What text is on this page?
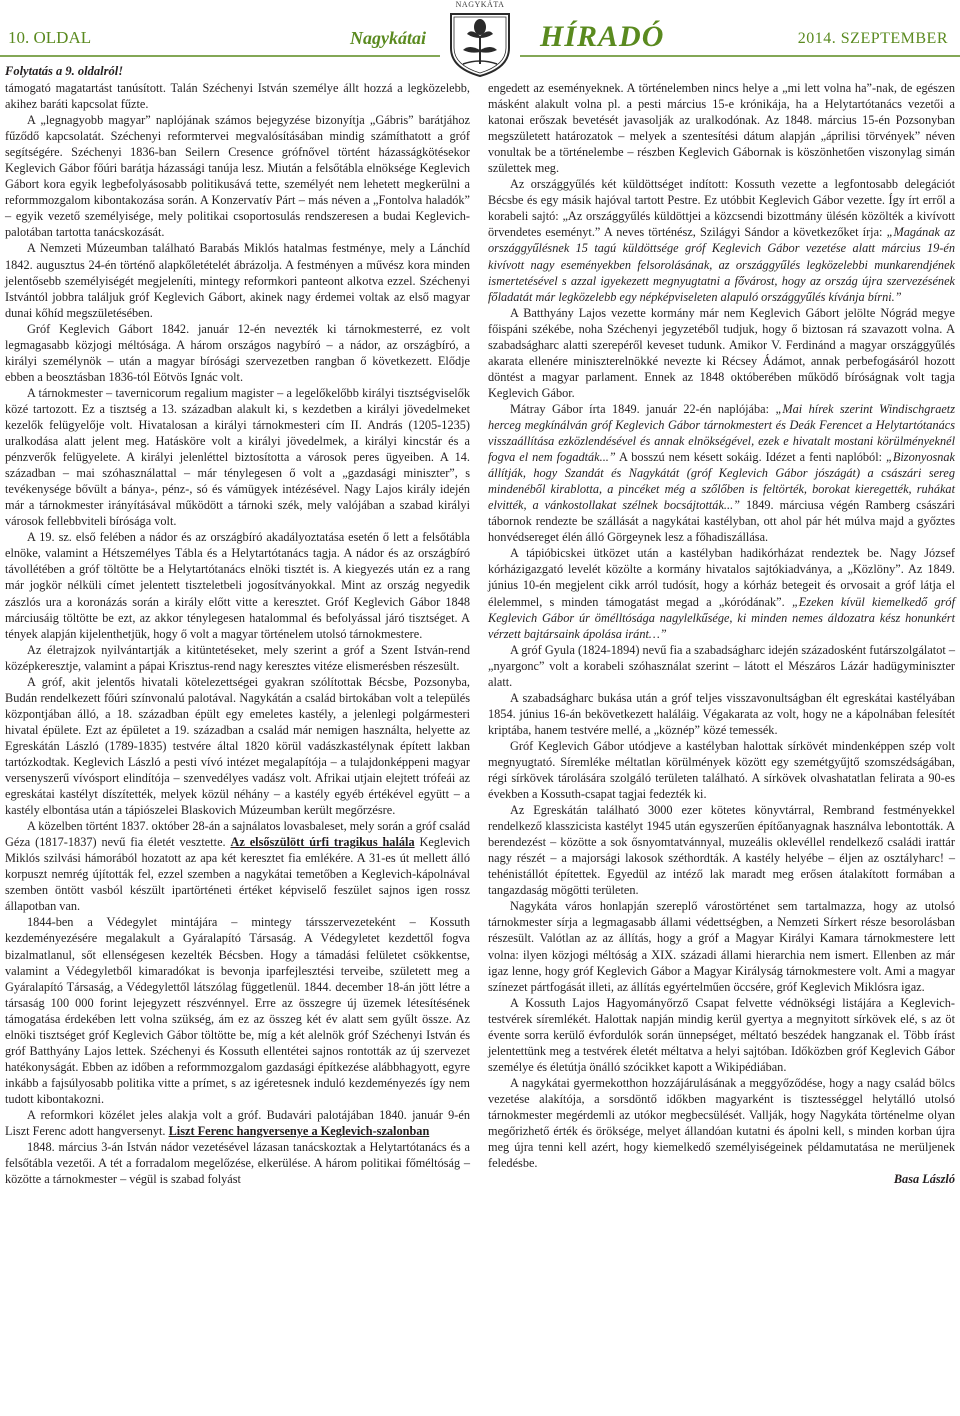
10. OLDAL	Nagykátai	HÍRADÓ	2014. SZEPTEMBER
NAGYKÁTA
Folytatás a 9. oldalról!

támogató magatartást tanúsított. Talán Széchenyi István személye állt hozzá a legközelebb, akihez baráti kapcsolat fűzte.

A „legnagyobb magyar” naplójának számos bejegyzése bizonyítja „Gábris” barátjához fűződő kapcsolatát. Széchenyi reformtervei megvalósításában mindig számíthatott a gróf segítségére. Széchenyi 1836-ban Seilern Cresence grófnővel történt házasságkötésekor Keglevich Gábor főúri barátja házassági tanúja lesz. Miután a felsőtábla elnöksége Keglevich Gábort kora egyik legbefolyásosabb politikusává tette, személyét nem lehetett megkerülni a reformmozgalom kibontakozása során. A Konzervatív Párt – más néven a „Fontolva haladók” – egyik vezető személyisége, mely politikai csoportosulás rendszeresen a budai Keglevich-palotában tartotta tanácskozását.

A Nemzeti Múzeumban található Barabás Miklós hatalmas festménye, mely a Lánchíd 1842. augusztus 24-én történő alapkőletételét ábrázolja. A festményen a művész kora minden jelentősebb személyiségét megjeleníti, mintegy reformkori panteont alkotva ezzel. Széchenyi Istvántól jobbra találjuk gróf Keglevich Gábort, akinek nagy érdemei voltak az első magyar dunai kőhíd megszületésében.

Gróf Keglevich Gábort 1842. január 12-én nevezték ki tárnokmesterré, ez volt legmagasabb közjogi méltósága. A három országos nagybíró – a nádor, az országbíró, a királyi személynök – után a magyar bírósági szervezetben rangban ő következett. Elődje ebben a beosztásban 1836-tól Eötvös Ignác volt.

A tárnokmester – tavernicorum regalium magister – a legelőkelőbb királyi tisztségviselők közé tartozott. Ez a tisztség a 13. században alakult ki, s kezdetben a királyi jövedelmeket kezelők felügyelője volt. Hivatalosan a királyi tárnokmesteri cím II. András (1205-1235) uralkodása alatt jelent meg. Hatásköre volt a királyi jövedelmek, a királyi kincstár és a pénzverők felügyelete. A királyi jelenléttel biztosította a városok peres ügyeiben. A 14. században – mai szóhasználattal – már ténylegesen ő volt a „gazdasági miniszter”, s tevékenysége bővült a bánya-, pénz-, só és vámügyek intézésével. Nagy Lajos király idején már a tárnokmester irányításával működött a tárnoki szék, mely valójában a szabad királyi városok fellebbviteli bírósága volt.

A 19. sz. első felében a nádor és az országbíró akadályoztatása esetén ő lett a felsőtábla elnöke, valamint a Hétszemélyes Tábla és a Helytartótanács tagja. A nádor és az országbíró távollétében a gróf töltötte be a Helytartótanács elnöki tisztét is. A kiegyezés után ez a rang már jogkör nélküli címet jelentett tiszteletbeli jogosítványokkal. Mint az ország negyedik zászlós ura a koronázás során a király előtt vitte a keresztet. Gróf Keglevich Gábor 1848 márciusáig töltötte be ezt, az akkor ténylegesen hatalommal és befolyással járó tisztséget. A tények alapján kijelenthetjük, hogy ő volt a magyar történelem utolsó tárnokmestere.

Az életrajzok nyilvántartják a kitüntetéseket, mely szerint a gróf a Szent István-rend középkeresztje, valamint a pápai Krisztus-rend nagy keresztes vitéze elismerésben részesült.

A gróf, akit jelentős hivatali kötelezettségei gyakran szólítottak Bécsbe, Pozsonyba, Budán rendelkezett főúri színvonalú palotával. Nagykátán a család birtokában volt a település központjában álló, a 18. században épült egy emeletes kastély, a jelenlegi polgármesteri hivatal épülete. Ezt az épületet a 19. században a család már nemigen használta, helyette az Egreskátán László (1789-1835) testvére által 1820 körül vadászkastélynak épített lakban tartózkodtak. Keglevich László a pesti vívó intézet megalapítója – a tulajdonképpeni magyar versenyszerű vívósport elindítója – szenvedélyes vadász volt. Afrikai utjain elejtett trófeái az egreskátai kastélyt díszítették, melyek közül néhány – a kastély egyéb értékével együtt – a kastély elbontása után a tápiószelei Blaskovich Múzeumban került megőrzésre.

A közelben történt 1837. október 28-án a sajnálatos lovasbaleset, mely során a gróf család Géza (1817-1837) nevű fia életét vesztette. Az elsőszülött úrfi tragikus halála Keglevich Miklós szilvási hámorából hozatott az apa két keresztet fia emlékére. A 31-es út mellett álló korpuszt nemrég újították fel, ezzel szemben a nagykátai temetőben a Keglevich-kápolnával szemben öntött vasból készült ipartörténeti értéket képviselő feszület sajnos igen rossz állapotban van.

1844-ben a Védegylet mintájára – mintegy társszervezeteként – Kossuth kezdeményezésére megalakult a Gyáralapító Társaság. A Védegyletet kezdettől fogva bizalmatlanul, sőt ellenségesen kezelték Bécsben. Hogy a támadási felületet csökkentse, valamint a Védegyletből kimaradókat is bevonja iparfejlesztési terveibe, született meg a Gyáralapító Társaság, a Védegylettől látszólag függetlenül. 1844. december 18-án jött létre a társaság 100 000 forint lejegyzett részvénnyel. Erre az összegre új üzemek létesítésének támogatása érdekében lett volna szükség, ám ez az összeg két év alatt sem gyűlt össze. Az elnöki tisztséget gróf Keglevich Gábor töltötte be, míg a két alelnök gróf Széchenyi István és gróf Batthyány Lajos lettek. Széchenyi és Kossuth ellentétei sajnos rontották az új szervezet hatékonyságát. Ebben az időben a reformmozgalom gazdasági építkezése alábbhagyott, egyre inkább a fajsúlyosabb politika vitte a prímet, s az igéretesnek induló kezdeményezés így nem tudott kibontakozni.

A reformkori közélet jeles alakja volt a gróf. Budavári palotájában 1840. január 9-én Liszt Ferenc adott hangversenyt. Liszt Ferenc hangversenye a Keglevich-szalonban

1848. március 3-án István nádor vezetésével lázasan tanácskoztak a Helytartótanács és a felsőtábla vezetői. A tét a forradalom megelőzése, elkerülése. A három politikai főméltóság – közötte a tárnokmester – végül is szabad folyást

engedett az eseményeknek. A történelemben nincs helye a „mi lett volna ha”-nak, de egészen másként alakult volna pl. a pesti március 15-e krónikája, ha a Helytartótanács vezetői a katonai erőszak bevetését javasolják az uralkodónak. Az 1848. március 15-én Pozsonyban megszületett határozatok – melyek a szentesítési dátum alapján „áprilisi törvények” néven vonultak be a történelembe – részben Keglevich Gábornak is köszönhetően viszonylag simán születtek meg.

Az országgyűlés két küldöttséget indított: Kossuth vezette a legfontosabb delegációt Bécsbe és egy másik hajóval tartott Pestre. Ez utóbbit Keglevich Gábor vezette. Így írt erről a korabeli sajtó: „Az országgyűlés küldöttjei a közcsendi bizottmány ülésén közölték a kivívott örvendetes eseményt.” A neves történész, Szilágyi Sándor a következőket írja: „Magának az országgyűlésnek 15 tagú küldöttsége gróf Keglevich Gábor vezetése alatt március 19-én kivívott nagy eseményekben felsorolásának, az országgyűlés legközelebbi munkarendjének ismertetésével s azzal igyekezett megnyugtatni a fővárost, hogy az ország újra szervezésének főladatát már legközelebb egy népképviseleten alapuló országgyűlés kívánja bírni.”

A Batthyány Lajos vezette kormány már nem Keglevich Gábort jelölte Nógrád megye főispáni székébe, noha Széchenyi jegyzetéből tudjuk, hogy ő biztosan rá szavazott volna. A szabadságharc alatti szerepéről keveset tudunk. Amikor V. Ferdinánd a magyar országgyűlés akarata ellenére miniszterelnökké nevezte ki Récsey Ádámot, annak perbefogásáról hozott döntést a magyar parlament. Ennek az 1848 októberében működő bíróságnak volt tagja Keglevich Gábor.

Mátray Gábor írta 1849. január 22-én naplójába: „Mai hírek szerint Windischgraetz herceg megkínálván gróf Keglevich Gábor tárnokmestert és Deák Ferencet a Helytartótanács visszaállítása ezközlendésével és annak elnökségével, ezek e hivatalt mostani körülményeknél fogva el nem fogadták...” A bosszú nem késett sokáig. Idézet a fenti naplóból: „Bizonyosnak állítják, hogy Szandát és Nagykátát (gróf Keglevich Gábor jószágát) a császári sereg mindenéből kirablotta, a pincéket még a szőlőben is feltörték, borokat kieregették, ruhákat elvitték, a vánkostollakat szélnek bocsájtották...” 1849. márciusa végén Ramberg császári tábornok rendezte be szállását a nagykátai kastélyban, ott ahol pár hét múlva majd a győztes honvédsereget élén álló Görgeynek lesz a főhadiszállása.

A tápióbicskei ütközet után a kastélyban hadikórházat rendeztek be. Nagy József kórházigazgató levelét közölte a kormány hivatalos sajtókiadványa, a „Közlöny”. Az 1849. június 10-én megjelent cikk arról tudósít, hogy a kórház betegeit és orvosait a gróf látja el élelemmel, s minden támogatást megad a „kóródának”. „Ezeken kívül kiemelkedő gróf Keglevich Gábor úr ömélltósága nagylelkűsége, ki minden nemes áldozatra kész honunkért vérzett bajtársaink ápolása iránt…”

A gróf Gyula (1824-1894) nevű fia a szabadságharc idején századosként futárszolgálatot – „nyargonc” volt a korabeli szóhasználat szerint – látott el Mészáros Lázár hadügyminiszter alatt.

A szabadságharc bukása után a gróf teljes visszavonultságban élt egreskátai kastélyában 1854. június 16-án bekövetkezett haláláig. Végakarata az volt, hogy ne a kápolnában felesítét kriptába, hanem testvére mellé, a „köznép” közé temessék.

Gróf Keglevich Gábor utódjeve a kastélyban halottak sírkövét mindenképpen szép volt megnyugtató. Síremléke méltatlan körülmények között egy szemétgyűjtő szomszédságában, régi sírkövek tárolására szolgáló területen található. A sírkövek olvashatatlan felirata a 90-es években a Kossuth-csapat tagjai fedezték ki.

Az Egreskátán található 3000 ezer kötetes könyvtárral, Rembrand festményekkel rendelkező klasszicista kastélyt 1945 után egyszerűen építőanyagnak használva lebontották. A berendezést – közötte a sok ősnyomtatvánnyal, muzeális oklevéllel rendelkező családi irattár nagy részét – a majorsági lakosok széthordták. A kastély helyébe – éljen az osztályharc! – tehénistállót építettek. Egyedül az intéző lak maradt meg erősen átalakított formában a tangazdaság mögötti területen.

Nagykáta város honlapján szereplő várostörténet sem tartalmazza, hogy az utolsó tárnokmester sírja a legmagasabb állami védettségben, a Nemzeti Sírkert része besorolásban részesült. Valótlan az az állítás, hogy a gróf a Magyar Királyi Kamara tárnokmestere lett volna: ilyen közjogi méltóság a XIX. századi állami hierarchia nem ismert. Ellenben az már igaz lenne, hogy gróf Keglevich Gábor a Magyar Királyság tárnokmestere volt. Ami a magyar színezet pártfogását illeti, az állítás egyértelműen öccsére, gróf Keglevich Miklósra igaz.

A Kossuth Lajos Hagyományőrző Csapat felvette védnökségi listájára a Keglevich-testvérek síremlékét. Halottak napján mindig kerül gyertya a megnyitott sírkövek elé, s az öt évente sorra kerülő évfordulók során ünnepséget, méltató beszédek hangzanak el. Több írást jelentettünk meg a testvérek életét méltatva a helyi sajtóban. Időközben gróf Keglevich Gábor személye és életútja önálló szócikket kapott a Wikipédiában.

A nagykátai gyermekotthon hozzájárulásának a meggyőződése, hogy a nagy család bölcs vezetése alakítója, a sorsdöntő időkben magyarként is tisztességgel helytálló utolsó tárnokmester megérdemli az utókor megbecsülését. Vallják, hogy Nagykáta történelme olyan megőrizhető érték és öröksége, melyet állandóan kutatni és ápolni kell, s minden korban újra meg újra tenni kell azért, hogy kiemelkedő személyiségeinek példamutatása ne merüljenek feledésbe.

Basa László
